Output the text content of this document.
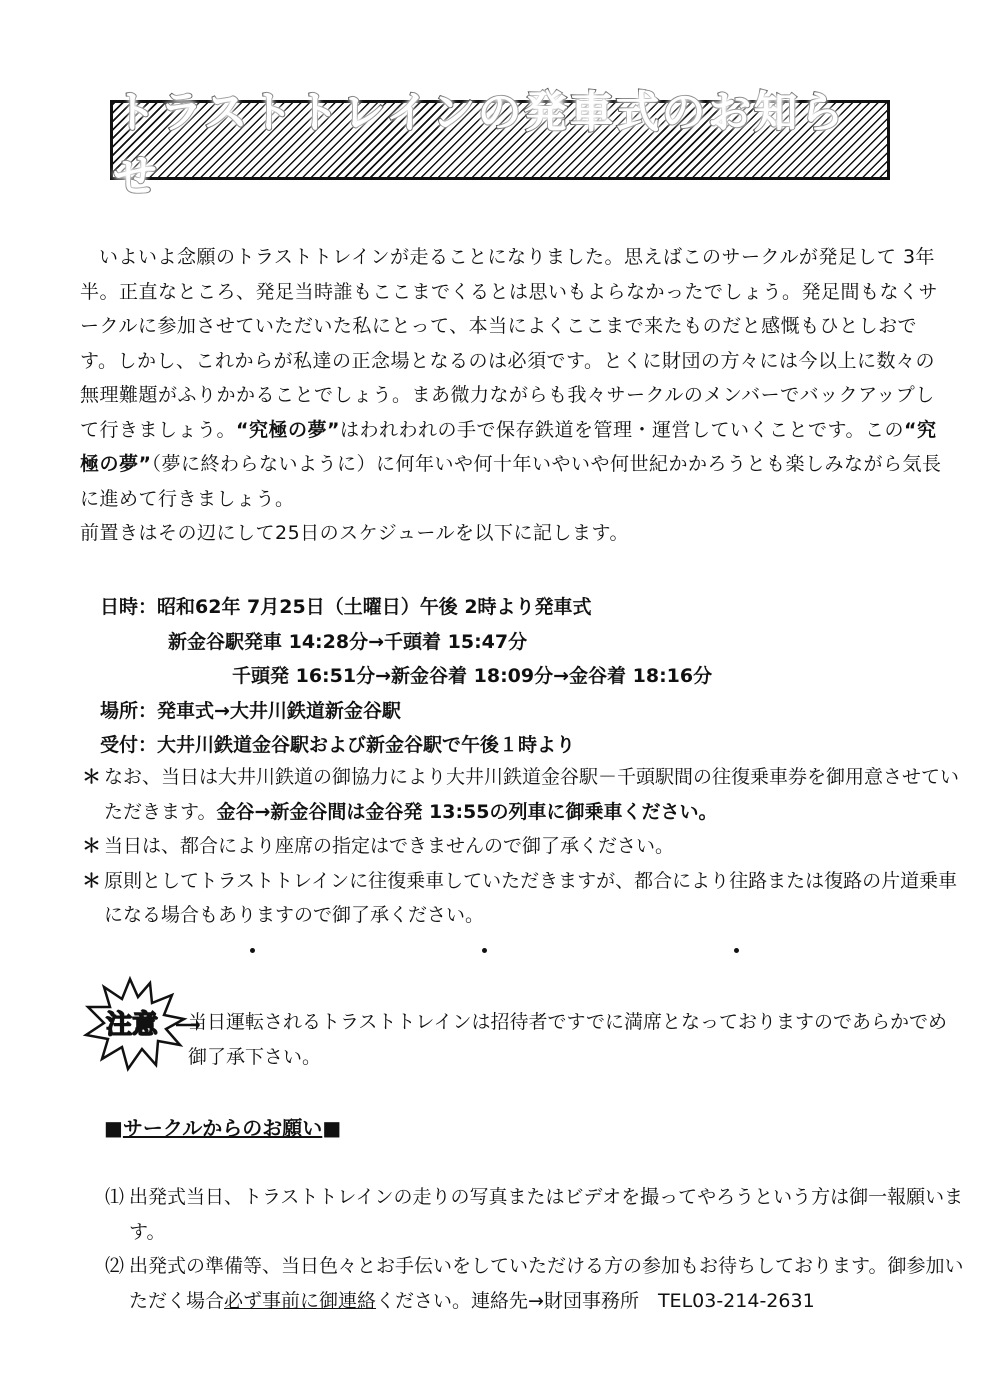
トラストトレインの発車式のお知らせ

いよいよ念願のトラストトレインが走ることになりました。思えばこのサークルが発足して 3年半。正直なところ、発足当時誰もここまでくるとは思いもよらなかったでしょう。発足間もなくサークルに参加させていただいた私にとって、本当によくここまで来たものだと感慨もひとしおです。しかし、これからが私達の正念場となるのは必須です。とくに財団の方々には今以上に数々の無理難題がふりかかることでしょう。まあ微力ながらも我々サークルのメンバーでバックアップして行きましょう。“究極の夢”はわれわれの手で保存鉄道を管理・運営していくことです。この“究極の夢”（夢に終わらないように）に何年いや何十年いやいや何世紀かかろうとも楽しみながら気長に進めて行きましょう。

前置きはその辺にして25日のスケジュールを以下に記します。

日時：昭和62年 7月25日（土曜日）午後 2時より発車式
新金谷駅発車 14:28分→千頭着 15:47分
千頭発 16:51分→新金谷着 18:09分→金谷着 18:16分
場所：発車式→大井川鉄道新金谷駅
受付：大井川鉄道金谷駅および新金谷駅で午後１時より
＊ なお、当日は大井川鉄道の御協力により大井川鉄道金谷駅－千頭駅間の往復乗車券を御用意させていただきます。金谷→新金谷間は金谷発 13:55の列車に御乗車ください。
＊ 当日は、都合により座席の指定はできませんので御了承ください。
＊ 原則としてトラストトレインに往復乗車していただきますが、都合により往路または復路の片道乗車になる場合もありますので御了承ください。
注意 当日運転されるトラストトレインは招待者ですでに満席となっておりますのであらかでめ御了承下さい。
■サークルからのお願い■
⑴ 出発式当日、トラストトレインの走りの写真またはビデオを撮ってやろうという方は御一報願います。
⑵ 出発式の準備等、当日色々とお手伝いをしていただける方の参加もお待ちしております。御参加いただく場合必ず事前に御連絡ください。連絡先→財団事務所　TEL03-214-2631
